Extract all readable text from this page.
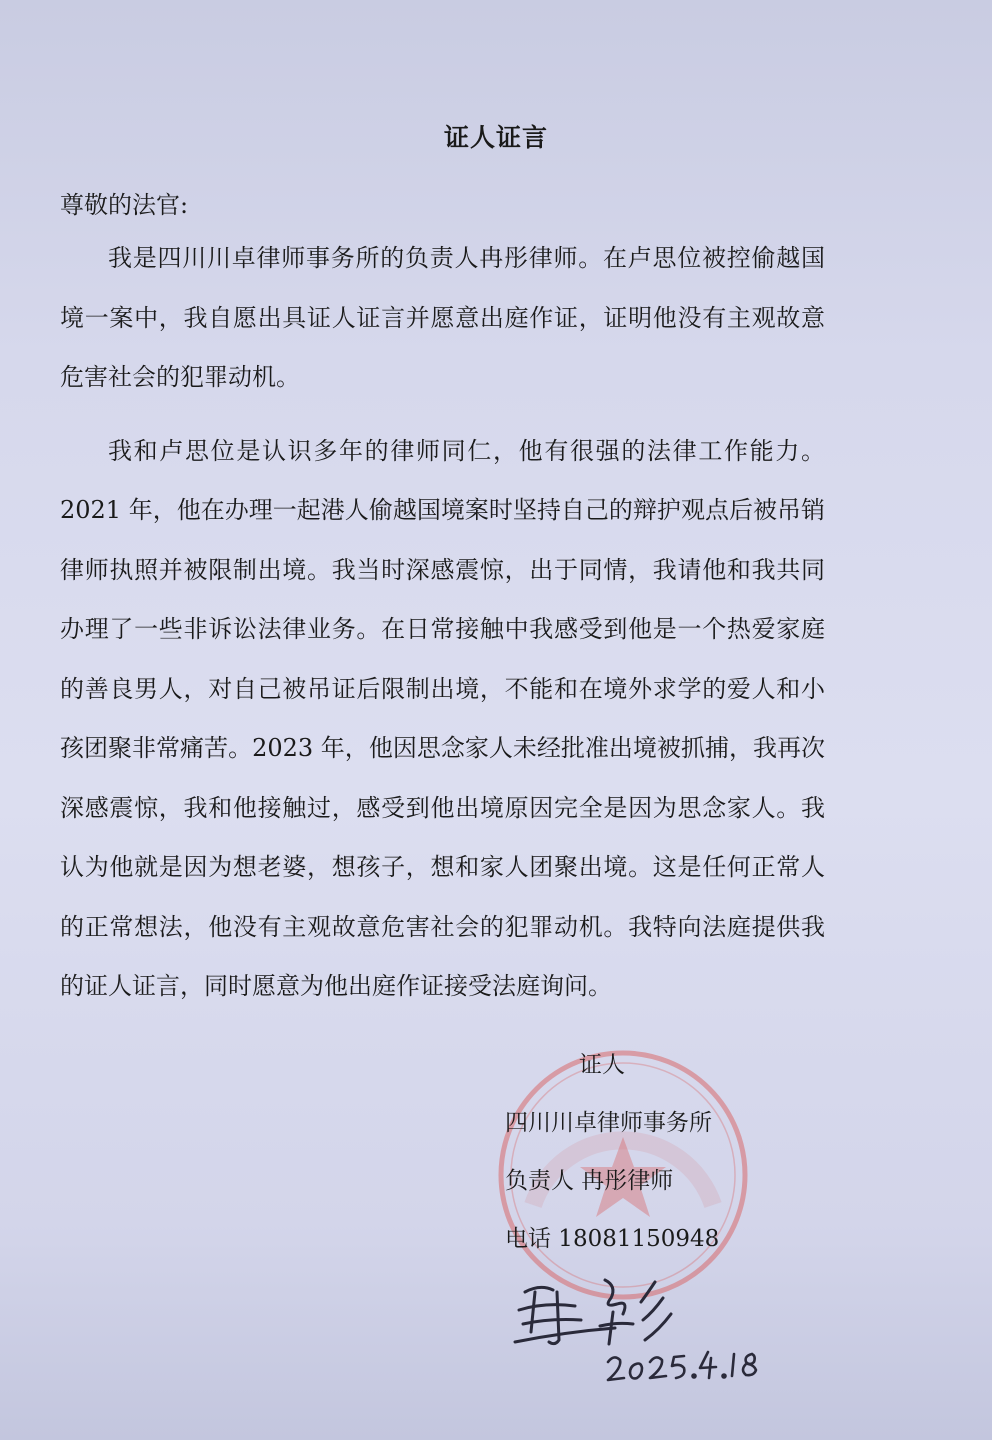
证人证言
尊敬的法官:

我是四川川卓律师事务所的负责人冉彤律师。在卢思位被控偷越国境一案中，我自愿出具证人证言并愿意出庭作证，证明他没有主观故意危害社会的犯罪动机。

我和卢思位是认识多年的律师同仁，他有很强的法律工作能力。2021 年，他在办理一起港人偷越国境案时坚持自己的辩护观点后被吊销律师执照并被限制出境。我当时深感震惊，出于同情，我请他和我共同办理了一些非诉讼法律业务。在日常接触中我感受到他是一个热爱家庭的善良男人，对自己被吊证后限制出境，不能和在境外求学的爱人和小孩团聚非常痛苦。2023 年，他因思念家人未经批准出境被抓捕，我再次深感震惊，我和他接触过，感受到他出境原因完全是因为思念家人。我认为他就是因为想老婆，想孩子，想和家人团聚出境。这是任何正常人的正常想法，他没有主观故意危害社会的犯罪动机。我特向法庭提供我的证人证言，同时愿意为他出庭作证接受法庭询问。

证人
四川川卓律师事务所
负责人 冉彤律师
电话 18081150948
